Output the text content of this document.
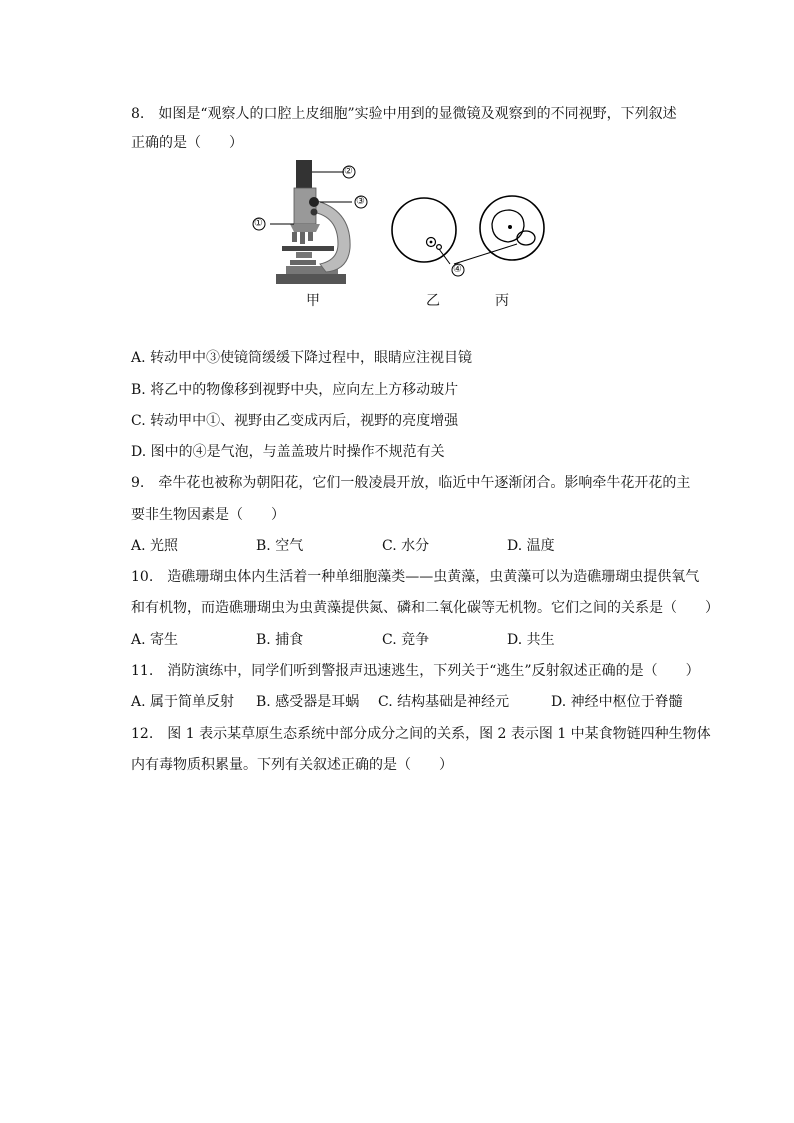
8.　如图是“观察人的口腔上皮细胞”实验中用到的显微镜及观察到的不同视野，下列叙述
正确的是（　　）
②
③
①
④
甲	乙	丙
A. 转动甲中③使镜筒缓缓下降过程中，眼睛应注视目镜
B. 将乙中的物像移到视野中央，应向左上方移动玻片
C. 转动甲中①、视野由乙变成丙后，视野的亮度增强
D. 图中的④是气泡，与盖盖玻片时操作不规范有关
9.　牵牛花也被称为朝阳花，它们一般凌晨开放，临近中午逐渐闭合。影响牵牛花开花的主
要非生物因素是（　　）
A. 光照	B. 空气	C. 水分	D. 温度
10.　造礁珊瑚虫体内生活着一种单细胞藻类——虫黄藻，虫黄藻可以为造礁珊瑚虫提供氧气
和有机物，而造礁珊瑚虫为虫黄藻提供氮、磷和二氧化碳等无机物。它们之间的关系是（　　）
A. 寄生	B. 捕食	C. 竞争	D. 共生
11.　消防演练中，同学们听到警报声迅速逃生，下列关于“逃生”反射叙述正确的是（　　）
A. 属于简单反射 B. 感受器是耳蜗 C. 结构基础是神经元	D. 神经中枢位于脊髓
12.　图 1 表示某草原生态系统中部分成分之间的关系，图 2 表示图 1 中某食物链四种生物体
内有毒物质积累量。下列有关叙述正确的是（　　）
